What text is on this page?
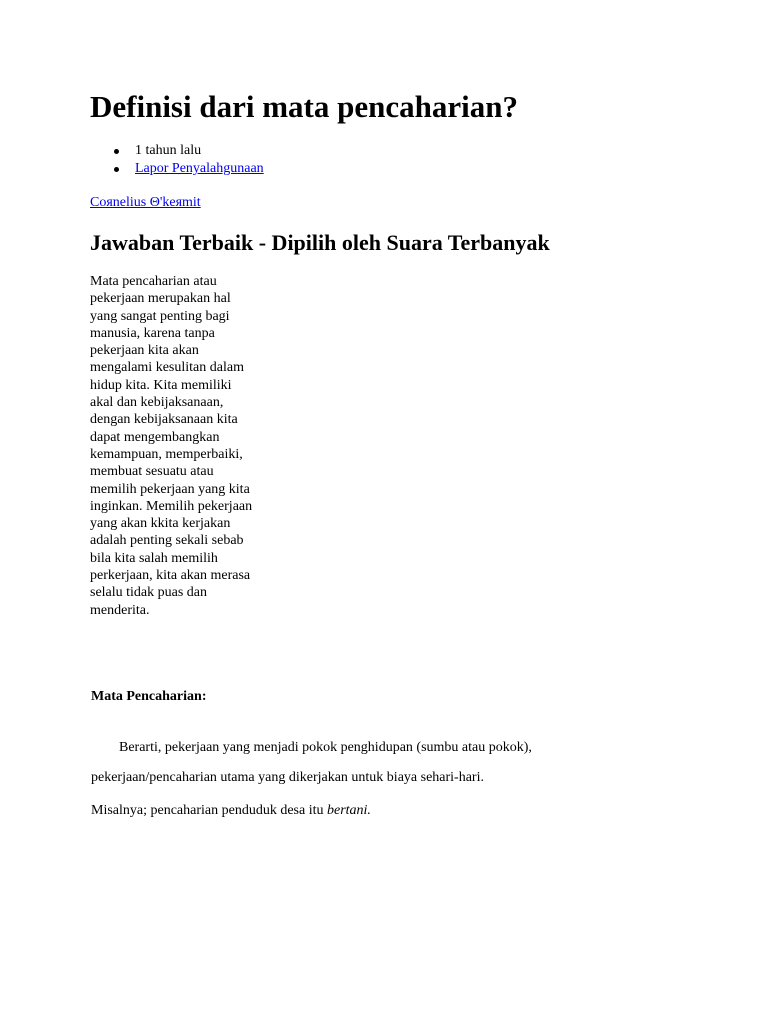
Definisi dari mata pencaharian?
1 tahun lalu
Lapor Penyalahgunaan
Coяnelius Θ'keяmit
Jawaban Terbaik - Dipilih oleh Suara Terbanyak

Mata pencaharian atau pekerjaan merupakan hal yang sangat penting bagi manusia, karena tanpa pekerjaan kita akan mengalami kesulitan dalam hidup kita. Kita memiliki akal dan kebijaksanaan, dengan kebijaksanaan kita dapat mengembangkan kemampuan, memperbaiki, membuat sesuatu atau memilih pekerjaan yang kita inginkan. Memilih pekerjaan yang akan kkita kerjakan adalah penting sekali sebab bila kita salah memilih perkerjaan, kita akan merasa selalu tidak puas dan menderita.

Mata Pencaharian:

Berarti, pekerjaan yang menjadi pokok penghidupan (sumbu atau pokok), pekerjaan/pencaharian utama yang dikerjakan untuk biaya sehari-hari.

Misalnya; pencaharian penduduk desa itu bertani.
